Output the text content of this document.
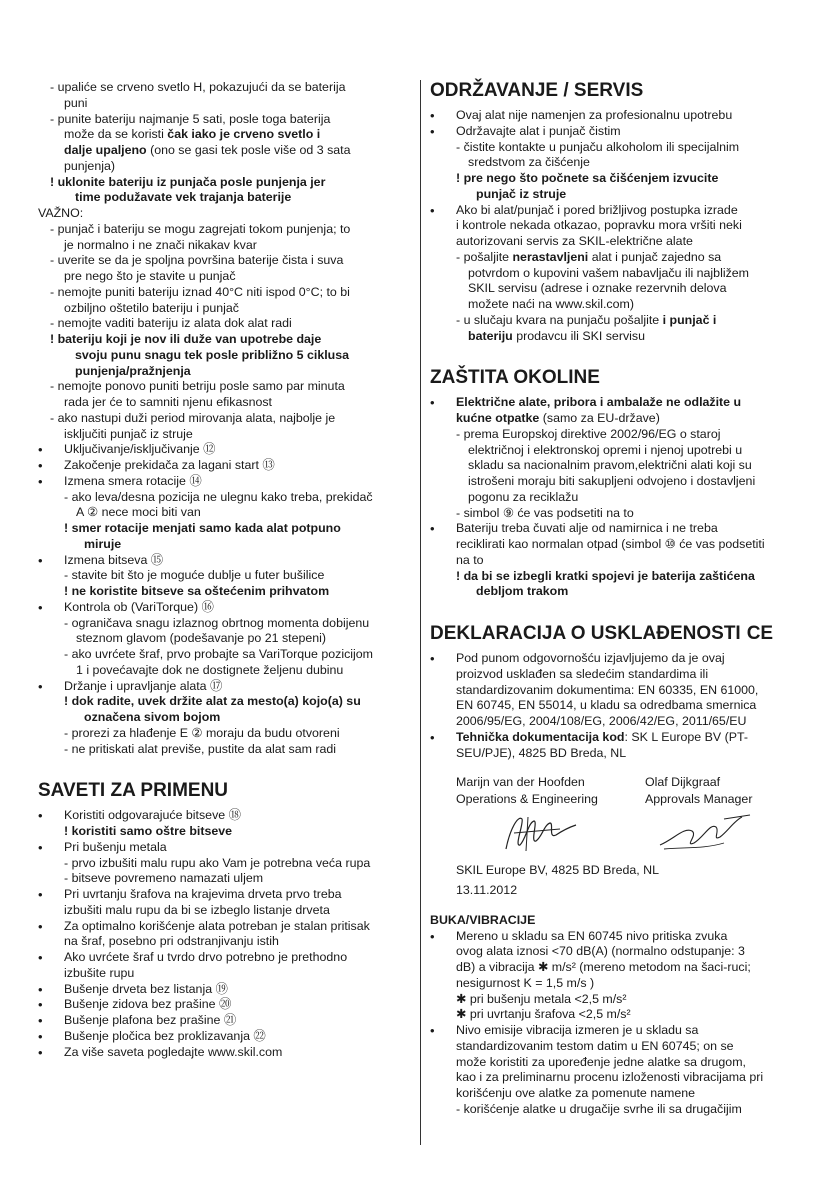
- upaliće se crveno svetlo H, pokazujući da se baterija
puni
- punite bateriju najmanje 5 sati, posle toga baterija
može da se koristi čak iako je crveno svetlo i
dalje upaljeno (ono se gasi tek posle više od 3 sata
punjenja)
! uklonite bateriju iz punjača posle punjenja jer
time podužavate vek trajanja baterije
VAŽNO:
- punjač i bateriju se mogu zagrejati tokom punjenja; to
je normalno i ne znači nikakav kvar
- uverite se da je spoljna površina baterije čista i suva
pre nego što je stavite u punjač
- nemojte puniti bateriju iznad 40°C niti ispod 0°C; to bi
ozbiljno oštetilo bateriju i punjač
- nemojte vaditi bateriju iz alata dok alat radi
! bateriju koji je nov ili duže van upotrebe daje
svoju punu snagu tek posle približno 5 ciklusa
punjenja/pražnjenja
- nemojte ponovo puniti betriju posle samo par minuta
rada jer će to samniti njenu efikasnost
- ako nastupi duži period mirovanja alata, najbolje je
isključiti punjač iz struje
• Uključivanje/isključivanje ⑫
• Zakočenje prekidača za lagani start ⑬
• Izmena smera rotacije ⑭
- ako leva/desna pozicija ne ulegnu kako treba, prekidač
A ② nece moci biti van
! smer rotacije menjati samo kada alat potpuno
miruje
• Izmena bitseva ⑮
- stavite bit što je moguće dublje u futer bušilice
! ne koristite bitseve sa oštećenim prihvatom
• Kontrola ob (VariTorque) ⑯
- ograničava snagu izlaznog obrtnog momenta dobijenu
steznom glavom (podešavanje po 21 stepeni)
- ako uvrćete šraf, prvo probajte sa VariTorque pozicijom
1 i povećavajte dok ne dostignete željenu dubinu
• Držanje i upravljanje alata ⑰
! dok radite, uvek držite alat za mesto(a) kojo(a) su
označena sivom bojom
- prorezi za hlađenje E ② moraju da budu otvoreni
- ne pritiskati alat previše, pustite da alat sam radi
SAVETI ZA PRIMENU
• Koristiti odgovarajuće bitseve ⑱
! koristiti samo oštre bitseve
• Pri bušenju metala
- prvo izbušiti malu rupu ako Vam je potrebna veća rupa
- bitseve povremeno namazati uljem
• Pri uvrtanju šrafova na krajevima drveta prvo treba
izbušiti malu rupu da bi se izbeglo listanje drveta
• Za optimalno korišćenje alata potreban je stalan pritisak
na šraf, posebno pri odstranjivanju istih
• Ako uvrćete šraf u tvrdo drvo potrebno je prethodno
izbušite rupu
• Bušenje drveta bez listanja ⑲
• Bušenje zidova bez prašine ⑳
• Bušenje plafona bez prašine ㉑
• Bušenje pločica bez proklizavanja ㉒
• Za više saveta pogledajte www.skil.com
ODRŽAVANJE / SERVIS
• Ovaj alat nije namenjen za profesionalnu upotrebu
• Održavajte alat i punjač čistim
- čistite kontakte u punjaču alkoholom ili specijalnim
sredstvom za čišćenje
! pre nego što počnete sa čišćenjem izvucite
punjač iz struje
• Ako bi alat/punjač i pored brižljivog postupka izrade
i kontrole nekada otkazao, popravku mora vršiti neki
autorizovani servis za SKIL-električne alate
- pošaljite nerastavljeni alat i punjač zajedno sa
potvrdom o kupovini vašem nabavljaču ili najbližem
SKIL servisu (adrese i oznake rezervnih delova
možete naći na www.skil.com)
- u slučaju kvara na punjaču pošaljite i punjač i
bateriju prodavcu ili SKI servisu
ZAŠTITA OKOLINE
• Električne alate, pribora i ambalaže ne odlažite u
kućne otpatke (samo za EU-države)
- prema Europskoj direktive 2002/96/EG o staroj
električnoj i elektronskoj opremi i njenoj upotrebi u
skladu sa nacionalnim pravom,električni alati koji su
istrošeni moraju biti sakupljeni odvojeno i dostavljeni
pogonu za reciklažu
- simbol ⑨ će vas podsetiti na to
• Bateriju treba čuvati alje od namirnica i ne treba
reciklirati kao normalan otpad (simbol ⑩ će vas podsetiti
na to
! da bi se izbegli kratki spojevi je baterija zaštićena
debljom trakom
DEKLARACIJA O USKLAĐENOSTI CE
• Pod punom odgovornošću izjavljujemo da je ovaj
proizvod usklađen sa sledećim standardima ili
standardizovanim dokumentima: EN 60335, EN 61000,
EN 60745, EN 55014, u kladu sa odredbama smernica
2006/95/EG, 2004/108/EG, 2006/42/EG, 2011/65/EU
• Tehnička dokumentacija kod: SK L Europe BV (PT-
SEU/PJE), 4825 BD Breda, NL
Marijn van der Hoofden	Olaf Dijkgraaf
Operations & Engineering	Approvals Manager
SKIL Europe BV, 4825 BD Breda, NL
13.11.2012
BUKA/VIBRACIJE
• Mereno u skladu sa EN 60745 nivo pritiska zvuka
ovog alata iznosi <70 dB(A) (normalno odstupanje: 3
dB) a vibracija ✱ m/s² (mereno metodom na šaci-ruci;
nesigurnost K = 1,5 m/s )
✱ pri bušenju metala <2,5 m/s²
✱ pri uvrtanju šrafova <2,5 m/s²
• Nivo emisije vibracija izmeren je u skladu sa
standardizovanim testom datim u EN 60745; on se
može koristiti za upoređenje jedne alatke sa drugom,
kao i za preliminarnu procenu izloženosti vibracijama pri
korišćenju ove alatke za pomenute namene
- korišćenje alatke u drugačije svrhe ili sa drugačijim
